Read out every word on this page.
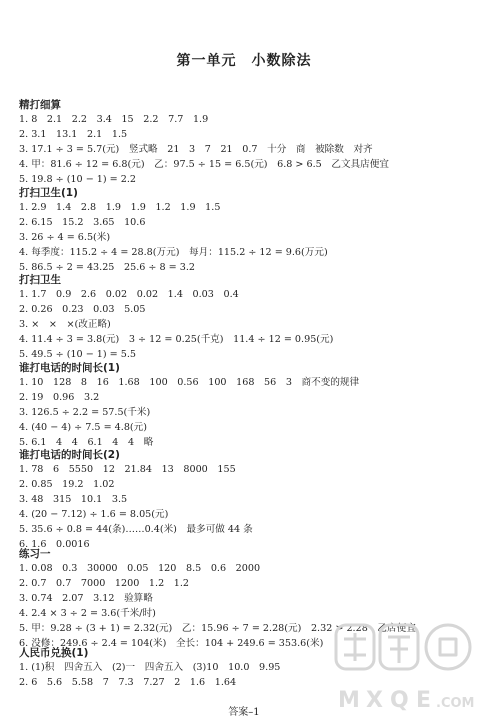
第一单元　小数除法
精打细算
1. 8　2.1　2.2　3.4　15　2.2　7.7　1.9
2. 3.1　13.1　2.1　1.5
3. 17.1 ÷ 3 = 5.7(元)　竖式略　21　3　7　21　0.7　十分　商　被除数　对齐
4. 甲：81.6 ÷ 12 = 6.8(元)　乙：97.5 ÷ 15 = 6.5(元)　6.8 > 6.5　乙文具店便宜
5. 19.8 ÷ (10 − 1) = 2.2
打扫卫生(1)
1. 2.9　1.4　2.8　1.9　1.9　1.2　1.9　1.5
2. 6.15　15.2　3.65　10.6
3. 26 ÷ 4 = 6.5(米)
4. 每季度：115.2 ÷ 4 = 28.8(万元)　每月：115.2 ÷ 12 = 9.6(万元)
5. 86.5 ÷ 2 = 43.25　25.6 ÷ 8 = 3.2
打扫卫生
1. 1.7　0.9　2.6　0.02　0.02　1.4　0.03　0.4
2. 0.26　0.23　0.03　5.05
3. ×　×　×(改正略)
4. 11.4 ÷ 3 = 3.8(元)　3 ÷ 12 = 0.25(千克)　11.4 ÷ 12 = 0.95(元)
5. 49.5 ÷ (10 − 1) = 5.5
谁打电话的时间长(1)
1. 10　128　8　16　1.68　100　0.56　100　168　56　3　商不变的规律
2. 19　0.96　3.2
3. 126.5 ÷ 2.2 = 57.5(千米)
4. (40 − 4) ÷ 7.5 = 4.8(元)
5. 6.1　4　4　6.1　4　4　略
谁打电话的时间长(2)
1. 78　6　5550　12　21.84　13　8000　155
2. 0.85　19.2　1.02
3. 48　315　10.1　3.5
4. (20 − 7.12) ÷ 1.6 = 8.05(元)
5. 35.6 ÷ 0.8 = 44(条)……0.4(米)　最多可做 44 条
6. 1.6　0.0016
练习一
1. 0.08　0.3　30000　0.05　120　8.5　0.6　2000
2. 0.7　0.7　7000　1200　1.2　1.2
3. 0.74　2.07　3.12　验算略
4. 2.4 × 3 ÷ 2 = 3.6(千米/时)
5. 甲：9.28 ÷ (3 + 1) = 2.32(元)　乙：15.96 ÷ 7 = 2.28(元)　2.32 > 2.28　乙店便宜
6. 没修：249.6 ÷ 2.4 = 104(米)　全长：104 + 249.6 = 353.6(米)
人民币兑换(1)
1. (1)积　四舍五入　(2)一　四舍五入　(3)10　10.0　9.95
2. 6　5.6　5.58　7　7.3　7.27　2　1.6　1.64
答案–1	M X Q E .COM
